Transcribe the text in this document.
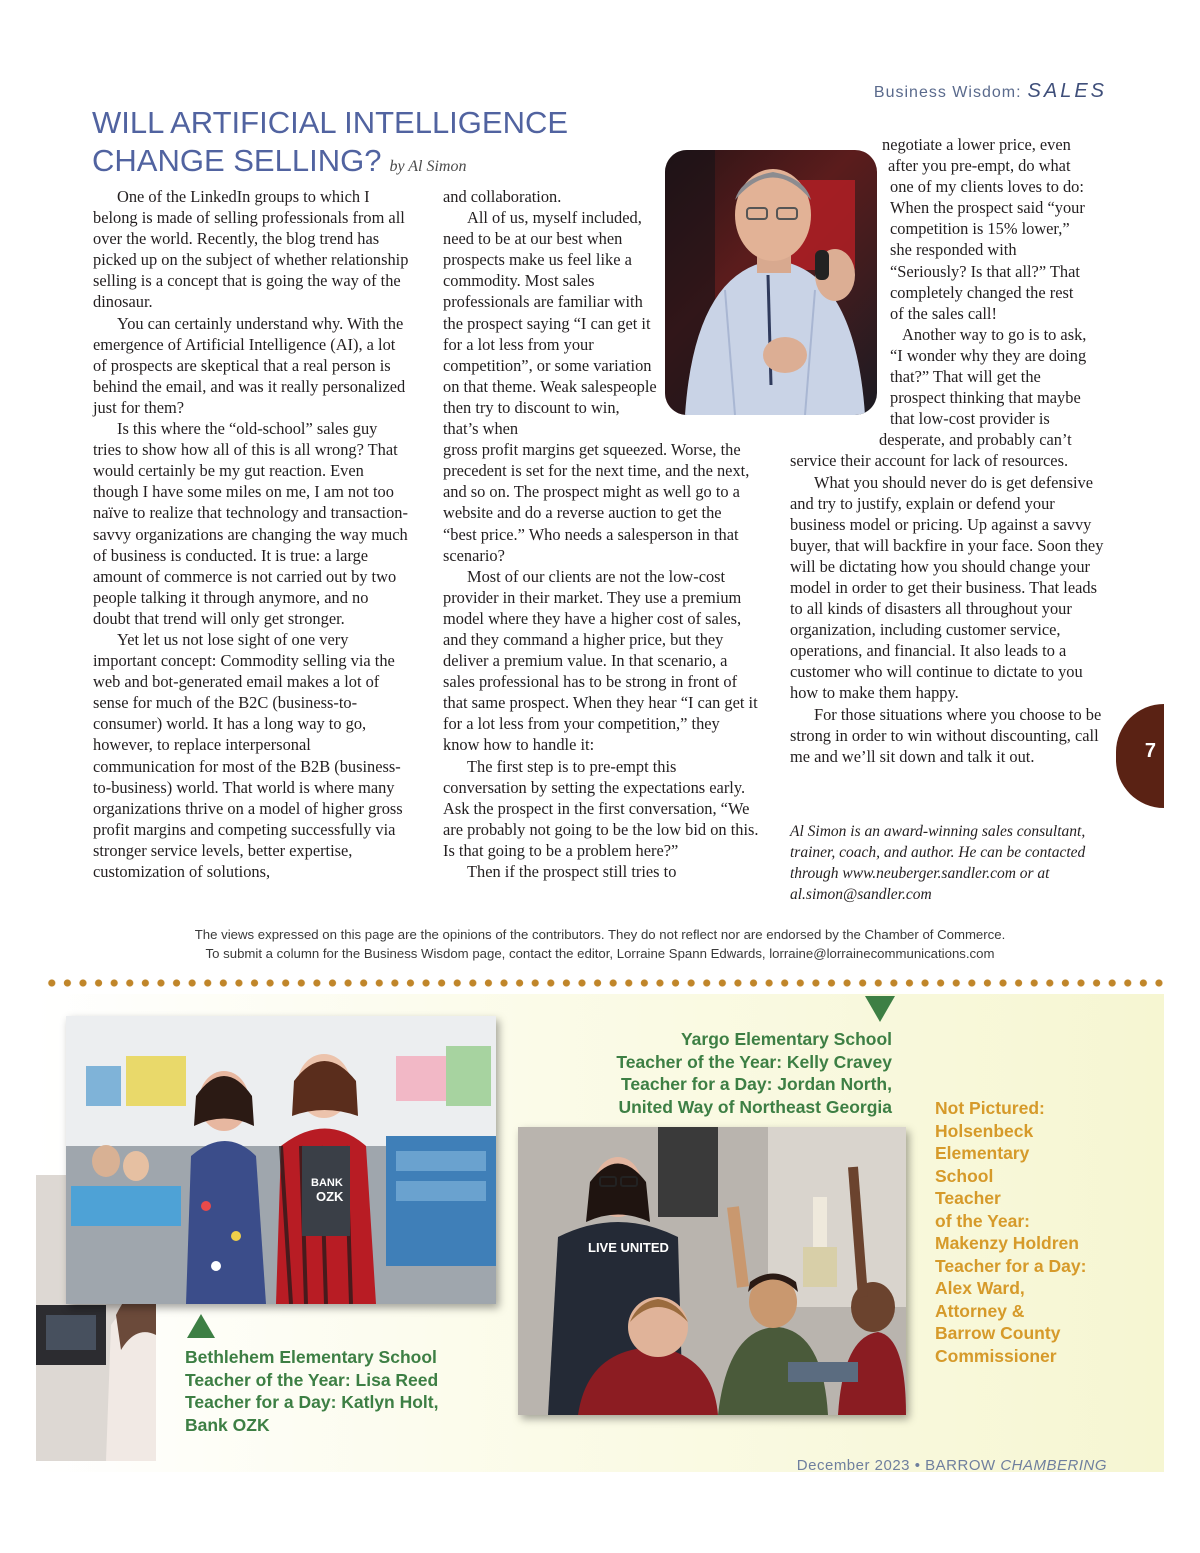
Business Wisdom: SALES
WILL ARTIFICIAL INTELLIGENCE
CHANGE SELLING? by Al Simon

One of the LinkedIn groups to which I belong is made of selling professionals from all over the world. Recently, the blog trend has picked up on the subject of whether relationship selling is a concept that is going the way of the dinosaur.

You can certainly understand why. With the emergence of Artificial Intelligence (AI), a lot of prospects are skeptical that a real person is behind the email, and was it really personalized just for them?

Is this where the “old-school” sales guy tries to show how all of this is all wrong? That would certainly be my gut reaction. Even though I have some miles on me, I am not too naïve to realize that technology and transaction-savvy organizations are changing the way much of business is conducted. It is true: a large amount of commerce is not carried out by two people talking it through anymore, and no doubt that trend will only get stronger.

Yet let us not lose sight of one very important concept: Commodity selling via the web and bot-generated email makes a lot of sense for much of the B2C (business-to-consumer) world. It has a long way to go, however, to replace interpersonal communication for most of the B2B (business-to-business) world. That world is where many organizations thrive on a model of higher gross profit margins and competing successfully via stronger service levels, better expertise, customization of solutions,

and collaboration.

All of us, myself included, need to be at our best when prospects make us feel like a commodity. Most sales professionals are familiar with the prospect saying “I can get it for a lot less from your competition”, or some variation on that theme. Weak salespeople then try to discount to win, that’s when

gross profit margins get squeezed. Worse, the precedent is set for the next time, and the next, and so on. The prospect might as well go to a website and do a reverse auction to get the “best price.” Who needs a salesperson in that scenario?

Most of our clients are not the low-cost provider in their market. They use a premium model where they have a higher cost of sales, and they command a higher price, but they deliver a premium value. In that scenario, a sales professional has to be strong in front of that same prospect. When they hear “I can get it for a lot less from your competition,” they know how to handle it:

The first step is to pre-empt this conversation by setting the expectations early. Ask the prospect in the first conversation, “We are probably not going to be the low bid on this. Is that going to be a problem here?”

Then if the prospect still tries to

negotiate a lower price, even
after you pre-empt, do what
one of my clients loves to do:
When the prospect said “your
competition is 15% lower,”
she responded with
“Seriously? Is that all?” That
completely changed the rest
of the sales call!
Another way to go is to ask,
“I wonder why they are doing
that?” That will get the
prospect thinking that maybe
that low-cost provider is
desperate, and probably can’t

service their account for lack of resources.

What you should never do is get defensive and try to justify, explain or defend your business model or pricing. Up against a savvy buyer, that will backfire in your face. Soon they will be dictating how you should change your model in order to get their business. That leads to all kinds of disasters all throughout your organization, including customer service, operations, and financial. It also leads to a customer who will continue to dictate to you how to make them happy.

For those situations where you choose to be strong in order to win without discounting, call me and we’ll sit down and talk it out.

Al Simon is an award-winning sales consultant, trainer, coach, and author. He can be contacted through www.neuberger.sandler.com or at al.simon@sandler.com
7
The views expressed on this page are the opinions of the contributors. They do not reflect nor are endorsed by the Chamber of Commerce.
To submit a column for the Business Wisdom page, contact the editor, Lorraine Spann Edwards, lorraine@lorrainecommunications.com
BANK
OZK
LIVE UNITED
Yargo Elementary School
Teacher of the Year: Kelly Cravey
Teacher for a Day: Jordan North,
United Way of Northeast Georgia
Bethlehem Elementary School
Teacher of the Year: Lisa Reed
Teacher for a Day: Katlyn Holt,
Bank OZK
Not Pictured:
Holsenbeck
Elementary
School
Teacher
of the Year:
Makenzy Holdren
Teacher for a Day:
Alex Ward,
Attorney &
Barrow County
Commissioner
December 2023 • BARROW CHAMBERING
